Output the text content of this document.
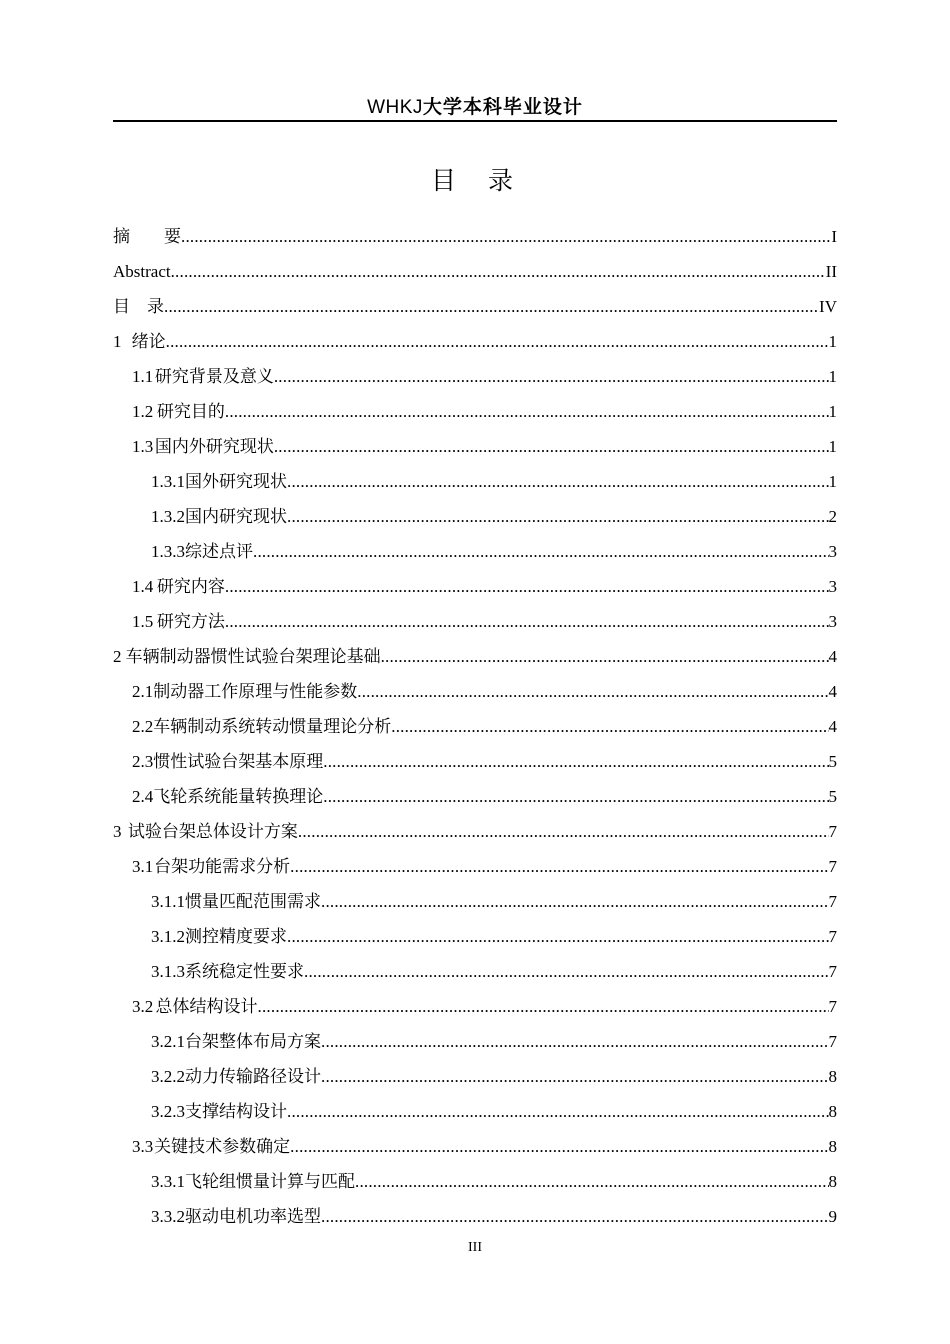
WHKJ大学本科毕业设计
目 录
摘　　要 .....	I
Abstract .....	II
目　录 .....	IV
1 绪论 .....	1
1.1 研究背景及意义 .....	1
1.2 研究目的 .....	1
1.3 国内外研究现状 .....	1
1.3.1 国外研究现状 .....	1
1.3.2 国内研究现状 .....	2
1.3.3 综述点评 .....	3
1.4 研究内容 .....	3
1.5 研究方法 .....	3
2 车辆制动器惯性试验台架理论基础 .....	4
2.1 制动器工作原理与性能参数 .....	4
2.2 车辆制动系统转动惯量理论分析 .....	4
2.3 惯性试验台架基本原理 .....	5
2.4 飞轮系统能量转换理论 .....	5
3 试验台架总体设计方案 .....	7
3.1 台架功能需求分析 .....	7
3.1.1 惯量匹配范围需求 .....	7
3.1.2 测控精度要求 .....	7
3.1.3 系统稳定性要求 .....	7
3.2 总体结构设计 .....	7
3.2.1 台架整体布局方案 .....	7
3.2.2 动力传输路径设计 .....	8
3.2.3 支撑结构设计 .....	8
3.3 关键技术参数确定 .....	8
3.3.1 飞轮组惯量计算与匹配 .....	8
3.3.2 驱动电机功率选型 .....	9
III
